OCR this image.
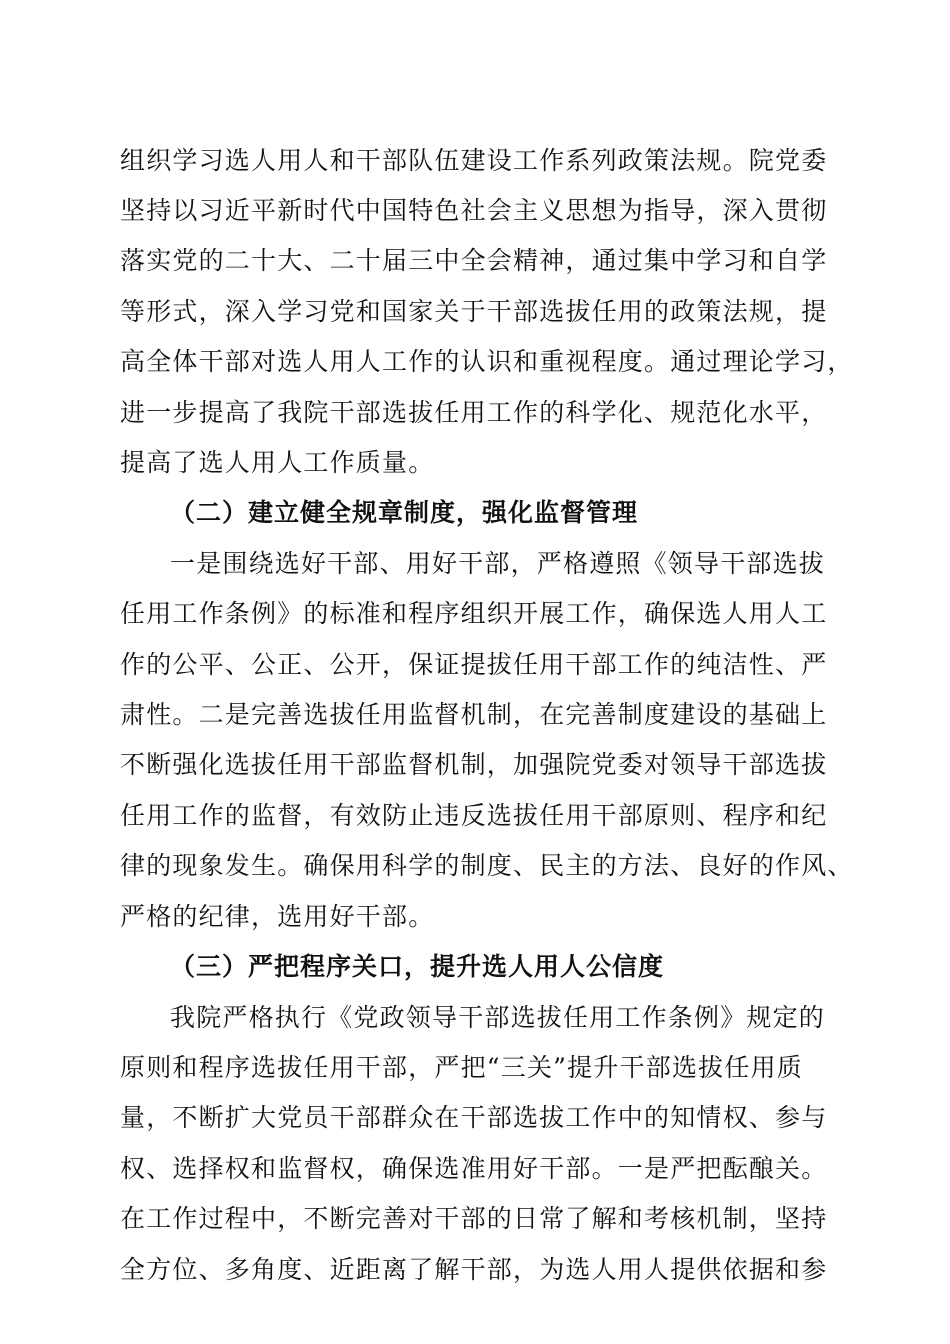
组织学习选人用人和干部队伍建设工作系列政策法规。院党委
坚持以习近平新时代中国特色社会主义思想为指导，深入贯彻
落实党的二十大、二十届三中全会精神，通过集中学习和自学
等形式，深入学习党和国家关于干部选拔任用的政策法规，提
高全体干部对选人用人工作的认识和重视程度。通过理论学习，
进一步提高了我院干部选拔任用工作的科学化、规范化水平，
提高了选人用人工作质量。
（二）建立健全规章制度，强化监督管理
一是围绕选好干部、用好干部，严格遵照《领导干部选拔
任用工作条例》的标准和程序组织开展工作，确保选人用人工
作的公平、公正、公开，保证提拔任用干部工作的纯洁性、严
肃性。二是完善选拔任用监督机制，在完善制度建设的基础上
不断强化选拔任用干部监督机制，加强院党委对领导干部选拔
任用工作的监督，有效防止违反选拔任用干部原则、程序和纪
律的现象发生。确保用科学的制度、民主的方法、良好的作风、
严格的纪律，选用好干部。
（三）严把程序关口，提升选人用人公信度
我院严格执行《党政领导干部选拔任用工作条例》规定的
原则和程序选拔任用干部，严把“三关”提升干部选拔任用质
量，不断扩大党员干部群众在干部选拔工作中的知情权、参与
权、选择权和监督权，确保选准用好干部。一是严把酝酿关。
在工作过程中，不断完善对干部的日常了解和考核机制，坚持
全方位、多角度、近距离了解干部，为选人用人提供依据和参
